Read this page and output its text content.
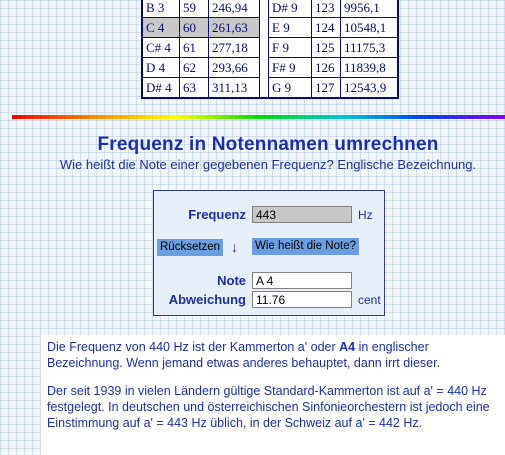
B 3	59	246,94		D# 9	123	9956,1
C 4	60	261,63		E 9	124	10548,1
C# 4	61	277,18		F 9	125	11175,3
D 4	62	293,66		F# 9	126	11839,8
D# 4	63	311,13		G 9	127	12543,9
Frequenz in Notennamen umrechnen
Wie heißt die Note einer gegebenen Frequenz? Englische Bezeichnung.
Frequenz
443	Hz
Rücksetzen ↓ Wie heißt die Note?
Note
A 4
Abweichung
11.76	cent
Die Frequenz von 440 Hz ist der Kammerton a' oder A4 in englischer Bezeichnung. Wenn jemand etwas anderes behauptet, dann irrt dieser.
Der seit 1939 in vielen Ländern gültige Standard-Kammerton ist auf a' = 440 Hz festgelegt. In deutschen und österreichischen Sinfonieorchestern ist jedoch eine Einstimmung auf a' = 443 Hz üblich, in der Schweiz auf a' = 442 Hz.
